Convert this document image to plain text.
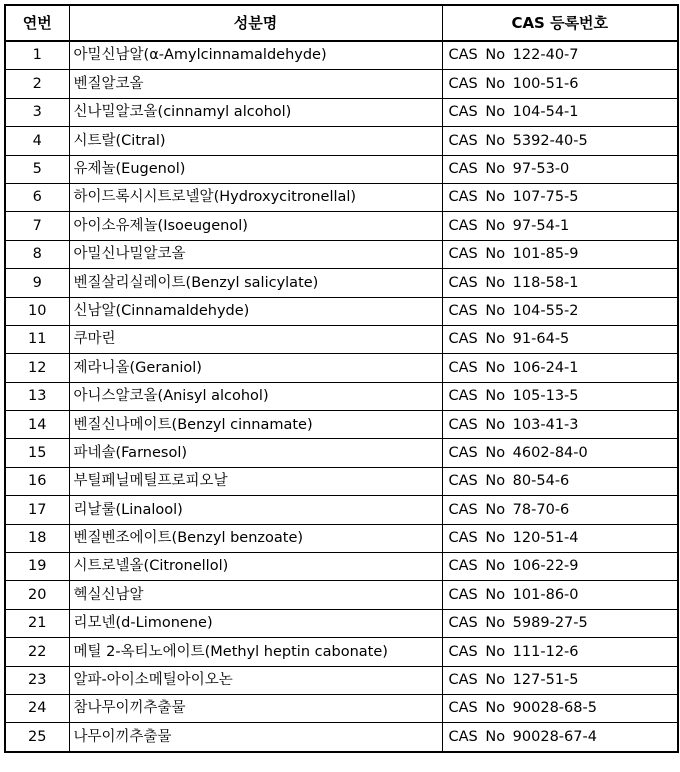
연번	성분명	CAS 등록번호
1	아밀신남알(α-Amylcinnamaldehyde)	CAS No 122-40-7
2	벤질알코올	CAS No 100-51-6
3	신나밀알코올(cinnamyl alcohol)	CAS No 104-54-1
4	시트랄(Citral)	CAS No 5392-40-5
5	유제놀(Eugenol)	CAS No 97-53-0
6	하이드록시시트로넬알(Hydroxycitronellal)	CAS No 107-75-5
7	아이소유제놀(Isoeugenol)	CAS No 97-54-1
8	아밀신나밀알코올	CAS No 101-85-9
9	벤질살리실레이트(Benzyl salicylate)	CAS No 118-58-1
10	신남알(Cinnamaldehyde)	CAS No 104-55-2
11	쿠마린	CAS No 91-64-5
12	제라니올(Geraniol)	CAS No 106-24-1
13	아니스알코올(Anisyl alcohol)	CAS No 105-13-5
14	벤질신나메이트(Benzyl cinnamate)	CAS No 103-41-3
15	파네솔(Farnesol)	CAS No 4602-84-0
16	부틸페닐메틸프로피오날	CAS No 80-54-6
17	리날룰(Linalool)	CAS No 78-70-6
18	벤질벤조에이트(Benzyl benzoate)	CAS No 120-51-4
19	시트로넬올(Citronellol)	CAS No 106-22-9
20	헥실신남알	CAS No 101-86-0
21	리모넨(d-Limonene)	CAS No 5989-27-5
22	메틸 2-옥티노에이트(Methyl heptin cabonate)	CAS No 111-12-6
23	알파-아이소메틸아이오논	CAS No 127-51-5
24	참나무이끼추출물	CAS No 90028-68-5
25	나무이끼추출물	CAS No 90028-67-4
